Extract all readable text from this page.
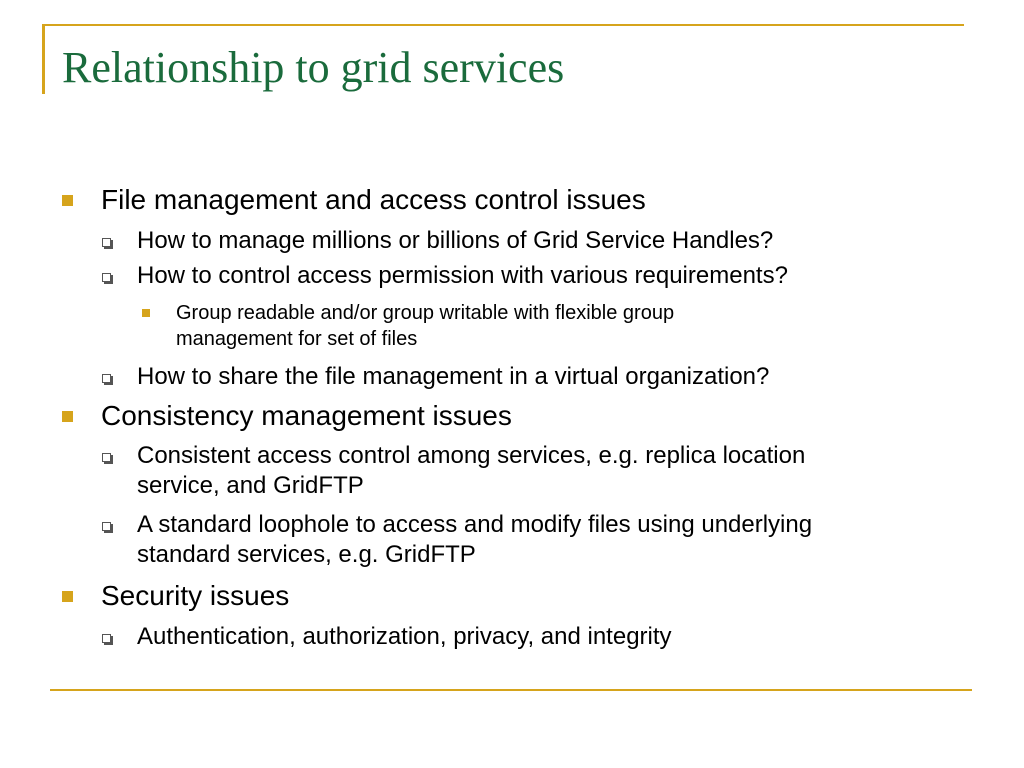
Relationship to grid services
File management and access control issues
How to manage millions or billions of Grid Service Handles?
How to control access permission with various requirements?
Group readable and/or group writable with flexible group
management for set of files
How to share the file management in a virtual organization?
Consistency management issues
Consistent access control among services, e.g. replica location
service, and GridFTP
A standard loophole to access and modify files using underlying
standard services, e.g. GridFTP
Security issues
Authentication, authorization, privacy, and integrity
